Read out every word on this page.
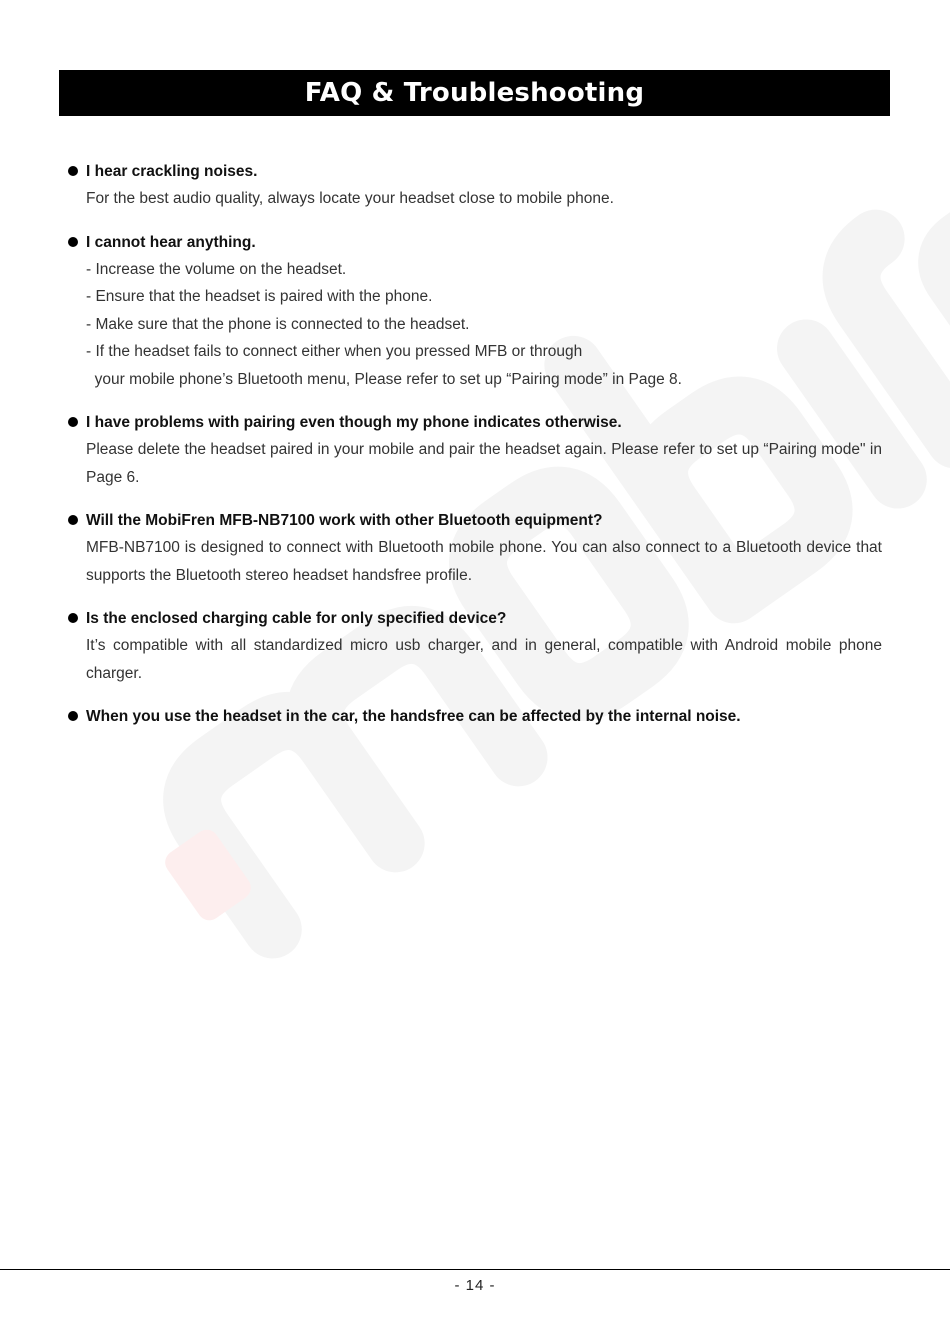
FAQ & Troubleshooting
I hear crackling noises.
For the best audio quality, always locate your headset close to mobile phone.
I cannot hear anything.
- Increase the volume on the headset.
- Ensure that the headset is paired with the phone.
- Make sure that the phone is connected to the headset.
- If the headset fails to connect either when you pressed MFB or through
your mobile phone’s Bluetooth menu, Please refer to set up “Pairing mode” in Page 8.
I have problems with pairing even though my phone indicates otherwise.
Please delete the headset paired in your mobile and pair the headset again. Please refer to set up “Pairing mode" in Page 6.
Will the MobiFren MFB-NB7100 work with other Bluetooth equipment?
MFB-NB7100 is designed to connect with Bluetooth mobile phone. You can also connect to a Bluetooth device that supports the Bluetooth stereo headset handsfree profile.
Is the enclosed charging cable for only specified device?
It’s compatible with all standardized micro usb charger, and in general, compatible with Android mobile phone charger.
When you use the headset in the car, the handsfree can be affected by the internal noise.
- 14 -
